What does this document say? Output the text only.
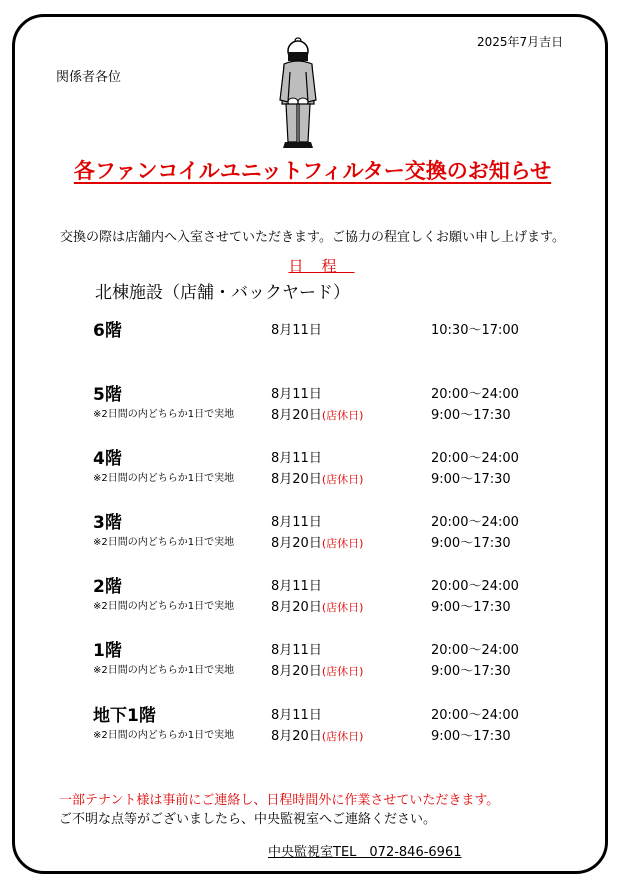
2025年7月吉日
関係者各位
各ファンコイルユニットフィルター交換のお知らせ
交換の際は店舗内へ入室させていただきます。ご協力の程宜しくお願い申し上げます。
日程
北棟施設（店舗・バックヤード）
6階	8月11日	10:30～17:00
5階
※2日間の内どちらか1日で実地
8月11日
8月20日(店休日)
20:00～24:00
9:00～17:30
4階
※2日間の内どちらか1日で実地
8月11日
8月20日(店休日)
20:00～24:00
9:00～17:30
3階
※2日間の内どちらか1日で実地
8月11日
8月20日(店休日)
20:00～24:00
9:00～17:30
2階
※2日間の内どちらか1日で実地
8月11日
8月20日(店休日)
20:00～24:00
9:00～17:30
1階
※2日間の内どちらか1日で実地
8月11日
8月20日(店休日)
20:00～24:00
9:00～17:30
地下1階
※2日間の内どちらか1日で実地
8月11日
8月20日(店休日)
20:00～24:00
9:00～17:30
一部テナント様は事前にご連絡し、日程時間外に作業させていただきます。
ご不明な点等がございましたら、中央監視室へご連絡ください。
中央監視室TEL　072-846-6961
